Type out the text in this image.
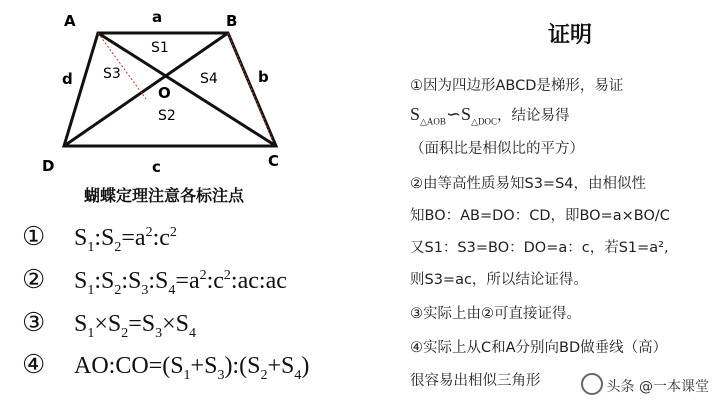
A	B
C
D
O
a
b
c
d
S1
S2
S3	S4
蝴蝶定理注意各标注点
① $S_1:S_2=a^2:c^2$
② $S_1:S_2:S_3:S_4=a^2:c^2:ac:ac$
③ $S_1\times S_2=S_3\times S_4$
④ $AO:CO=(S_1+S_3):(S_2+S_4)$
证明
①因为四边形ABCD是梯形，易证
$S_{\triangle AOB}∽S_{\triangle DOC}$，结论易得
（面积比是相似比的平方）
②由等高性质易知S3=S4，由相似性
知BO：AB=DO：CD，即BO=a×BO/C
又S1：S3=BO：DO=a：c，若S1=a²,
则S3=ac，所以结论证得。
③实际上由②可直接证得。
④实际上从C和A分别向BD做垂线（高）
很容易出相似三角形	头条 @一本课堂
